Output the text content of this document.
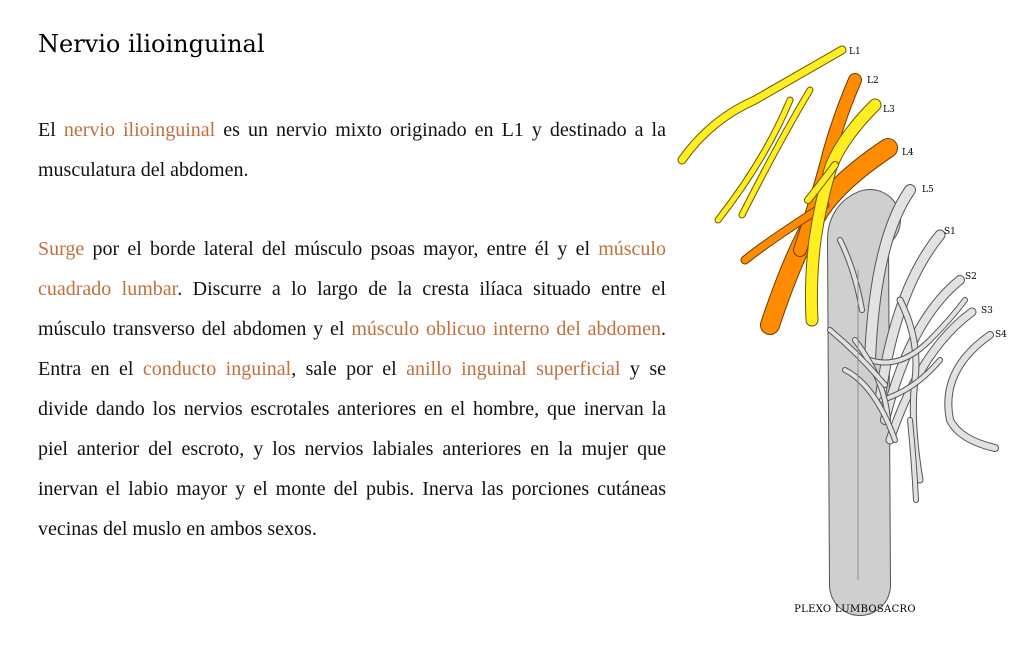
Nervio ilioinguinal
El nervio ilioinguinal es un nervio mixto originado en L1 y destinado a la musculatura del abdomen.
Surge por el borde lateral del músculo psoas mayor, entre él y el músculo cuadrado lumbar. Discurre a lo largo de la cresta ilíaca situado entre el músculo transverso del abdomen y el músculo oblicuo interno del abdomen. Entra en el conducto inguinal, sale por el anillo inguinal superficial y se divide dando los nervios escrotales anteriores en el hombre, que inervan la piel anterior del escroto, y los nervios labiales anteriores en la mujer que inervan el labio mayor y el monte del pubis. Inerva las porciones cutáneas vecinas del muslo en ambos sexos.
L1
L2
L3
L4
L5
S1
S2
S3
S4
PLEXO LUMBOSACRO
